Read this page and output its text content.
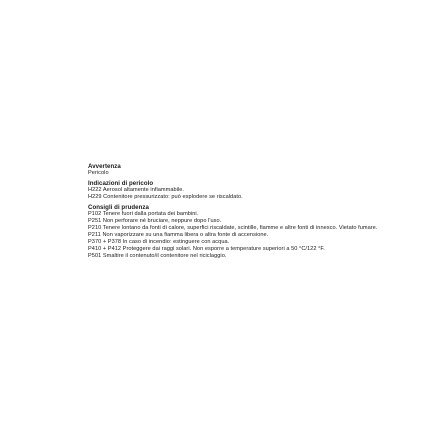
Avvertenza

Pericolo

Indicazioni di pericolo

H222 Aerosol altamente infiammabile.

H229 Contenitore pressurizzato: può esplodere se riscaldato.

Consigli di prudenza

P102 Tenere fuori dalla portata dei bambini.

P251 Non perforare né bruciare, neppure dopo l'uso.

P210 Tenere lontano da fonti di calore, superfici riscaldate, scintille, fiamme e altre fonti di innesco. Vietato fumare.

P211 Non vaporizzare su una fiamma libera o altra fonte di accensione.

P370 + P378 In caso di incendio: estinguere con acqua.

P410 + P412 Proteggere dai raggi solari. Non esporre a temperature superiori a 50 °C/122 °F.

P501 Smaltire il contenuto/il contenitore nel riciclaggio.
